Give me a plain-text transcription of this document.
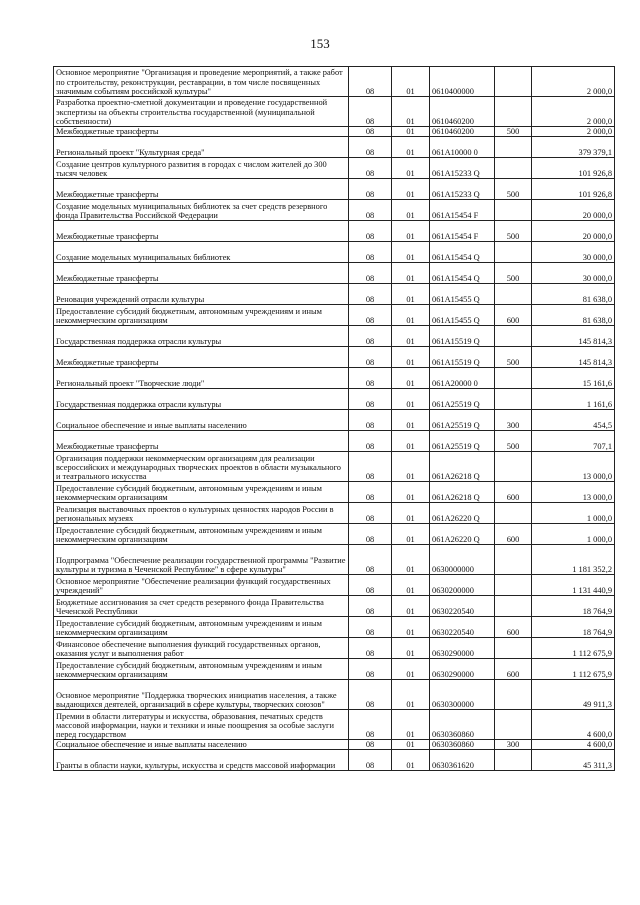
153
Основное мероприятие "Организация и проведение мероприятий, а также работ по строительству, реконструкции, реставрации, в том числе посвященных значимым событиям российской культуры"	08	01	0610400000		2 000,0
Разработка проектно-сметной документации и проведение государственной экспертизы на объекты строительства государственной (муниципальной собственности)	08	01	0610460200		2 000,0
Межбюджетные трансферты	08	01	0610460200	500	2 000,0
Региональный проект "Культурная среда"	08	01	061A10000 0		379 379,1
Создание центров культурного развития в городах с числом жителей до 300 тысяч человек	08	01	061A15233 Q		101 926,8
Межбюджетные трансферты	08	01	061A15233 Q	500	101 926,8
Создание модельных муниципальных библиотек за счет средств резервного фонда Правительства Российской Федерации	08	01	061A15454 F		20 000,0
Межбюджетные трансферты	08	01	061A15454 F	500	20 000,0
Создание модельных муниципальных библиотек	08	01	061A15454 Q		30 000,0
Межбюджетные трансферты	08	01	061A15454 Q	500	30 000,0
Реновация учреждений отрасли культуры	08	01	061A15455 Q		81 638,0
Предоставление субсидий бюджетным, автономным учреждениям и иным некоммерческим организациям	08	01	061A15455 Q	600	81 638,0
Государственная поддержка отрасли культуры	08	01	061A15519 Q		145 814,3
Межбюджетные трансферты	08	01	061A15519 Q	500	145 814,3
Региональный проект "Творческие люди"	08	01	061A20000 0		15 161,6
Государственная поддержка отрасли культуры	08	01	061A25519 Q		1 161,6
Социальное обеспечение и иные выплаты населению	08	01	061A25519 Q	300	454,5
Межбюджетные трансферты	08	01	061A25519 Q	500	707,1
Организация поддержки некоммерческим организациям для реализации всероссийских и международных творческих проектов в области музыкального и театрального искусства	08	01	061A26218 Q		13 000,0
Предоставление субсидий бюджетным, автономным учреждениям и иным некоммерческим организациям	08	01	061A26218 Q	600	13 000,0
Реализация выставочных проектов о культурных ценностях народов России в региональных музеях	08	01	061A26220 Q		1 000,0
Предоставление субсидий бюджетным, автономным учреждениям и иным некоммерческим организациям	08	01	061A26220 Q	600	1 000,0
Подпрограмма "Обеспечение реализации государственной программы "Развитие культуры и туризма в Чеченской Республике" в сфере культуры"	08	01	0630000000		1 181 352,2
Основное мероприятие "Обеспечение реализации функций государственных учреждений"	08	01	0630200000		1 131 440,9
Бюджетные ассигнования за счет средств резервного фонда Правительства Чеченской Республики	08	01	0630220540		18 764,9
Предоставление субсидий бюджетным, автономным учреждениям и иным некоммерческим организациям	08	01	0630220540	600	18 764,9
Финансовое обеспечение выполнения функций государственных органов, оказания услуг и выполнения работ	08	01	0630290000		1 112 675,9
Предоставление субсидий бюджетным, автономным учреждениям и иным некоммерческим организациям	08	01	0630290000	600	1 112 675,9
Основное мероприятие "Поддержка творческих инициатив населения, а также выдающихся деятелей, организаций в сфере культуры, творческих союзов"	08	01	0630300000		49 911,3
Премии в области литературы и искусства, образования, печатных средств массовой информации, науки и техники и иные поощрения за особые заслуги перед государством	08	01	0630360860		4 600,0
Социальное обеспечение и иные выплаты населению	08	01	0630360860	300	4 600,0
Гранты в области науки, культуры, искусства и средств массовой информации	08	01	0630361620		45 311,3
